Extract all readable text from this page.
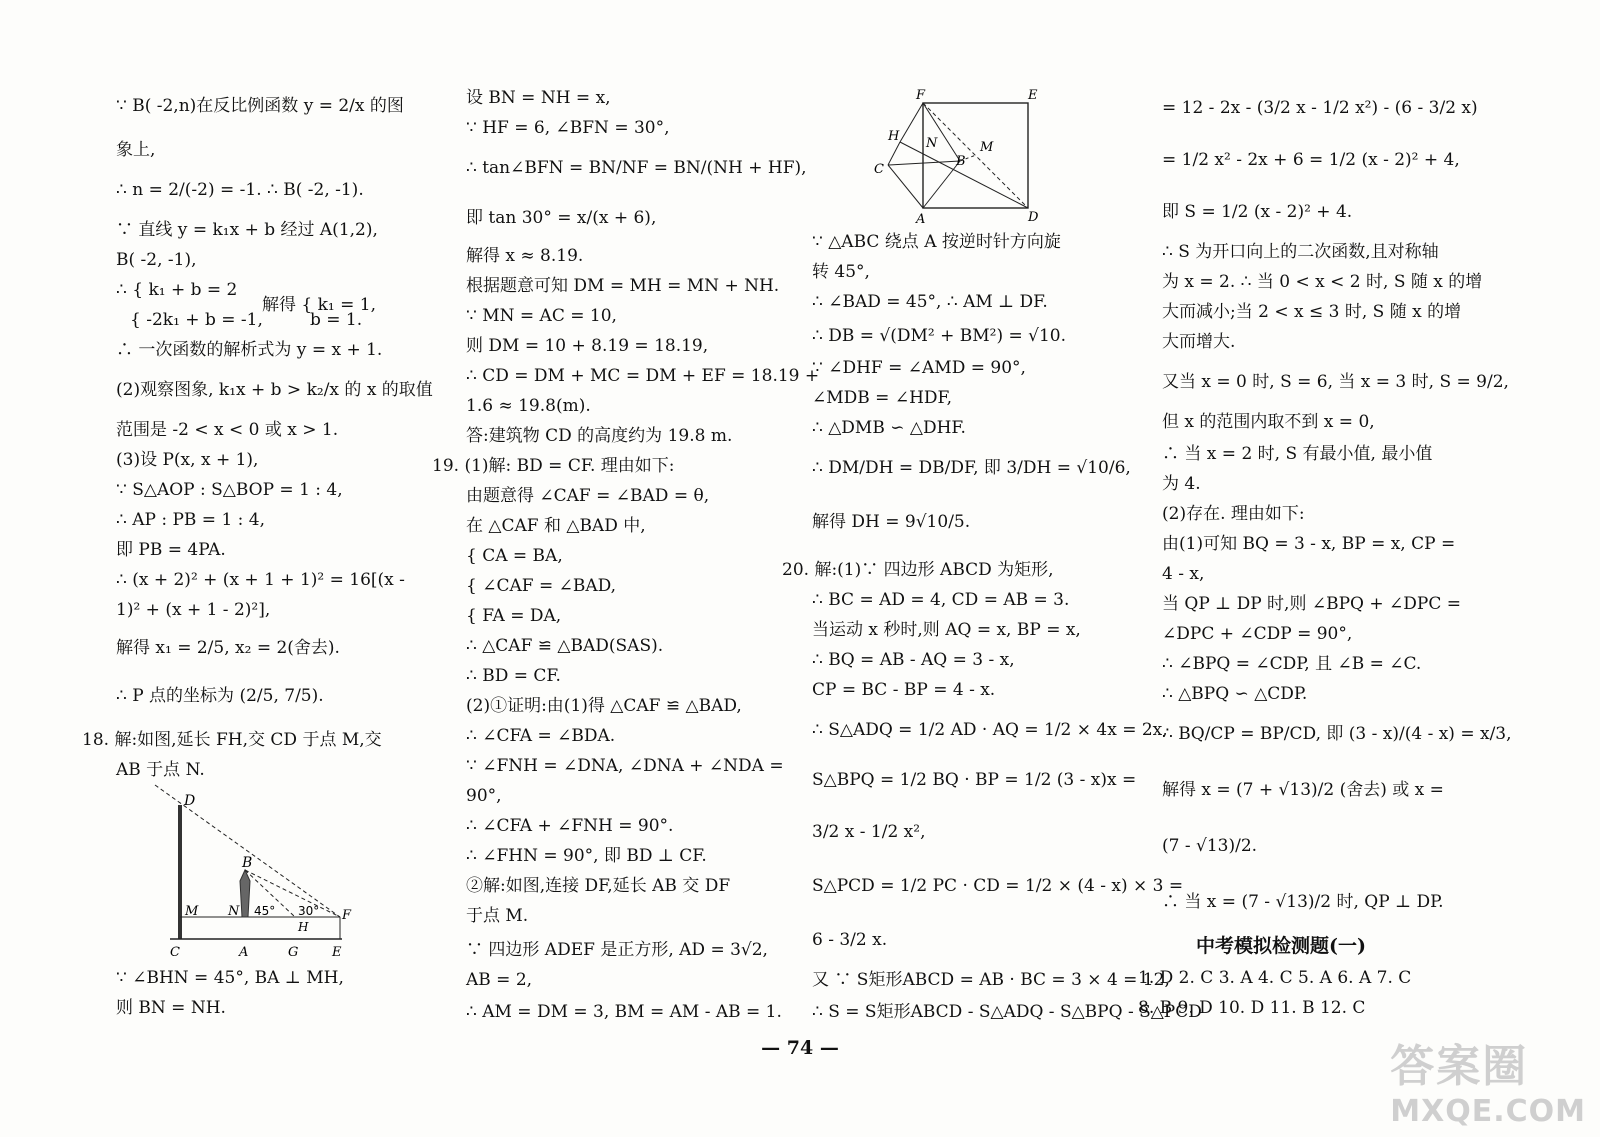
∵ B( -2,n)在反比例函数 y = 2/x 的图
象上,
∴ n = 2/(-2) = -1. ∴ B( -2, -1).
∵ 直线 y = k₁x + b 经过 A(1,2),
B( -2, -1),
∴ { k₁ + b = 2
解得 { k₁ = 1,
{ -2k₁ + b = -1,	b = 1.
∴ 一次函数的解析式为 y = x + 1.
(2)观察图象, k₁x + b > k₂/x 的 x 的取值
范围是 -2 < x < 0 或 x > 1.
(3)设 P(x, x + 1),
∵ S△AOP : S△BOP = 1 : 4,
∴ AP : PB = 1 : 4,
即 PB = 4PA.
∴ (x + 2)² + (x + 1 + 1)² = 16[(x -
1)² + (x + 1 - 2)²],
解得 x₁ = 2/5, x₂ = 2(舍去).
∴ P 点的坐标为 (2/5, 7/5).
18. 解:如图,延长 FH,交 CD 于点 M,交
AB 于点 N.
∵ ∠BHN = 45°, BA ⊥ MH,
则 BN = NH.
设 BN = NH = x,
∵ HF = 6, ∠BFN = 30°,
∴ tan∠BFN = BN/NF = BN/(NH + HF),
即 tan 30° = x/(x + 6),
解得 x ≈ 8.19.
根据题意可知 DM = MH = MN + NH.
∵ MN = AC = 10,
则 DM = 10 + 8.19 = 18.19,
∴ CD = DM + MC = DM + EF = 18.19 +
1.6 ≈ 19.8(m).
答:建筑物 CD 的高度约为 19.8 m.
19. (1)解: BD = CF. 理由如下:
由题意得 ∠CAF = ∠BAD = θ,
在 △CAF 和 △BAD 中,
{ CA = BA,
{ ∠CAF = ∠BAD,
{ FA = DA,
∴ △CAF ≌ △BAD(SAS).
∴ BD = CF.
(2)①证明:由(1)得 △CAF ≌ △BAD,
∴ ∠CFA = ∠BDA.
∵ ∠FNH = ∠DNA, ∠DNA + ∠NDA =
90°,
∴ ∠CFA + ∠FNH = 90°.
∴ ∠FHN = 90°, 即 BD ⊥ CF.
②解:如图,连接 DF,延长 AB 交 DF
于点 M.
∵ 四边形 ADEF 是正方形, AD = 3√2,
AB = 2,
∴ AM = DM = 3, BM = AM - AB = 1.
∵ △ABC 绕点 A 按逆时针方向旋
转 45°,
∴ ∠BAD = 45°, ∴ AM ⊥ DF.
∴ DB = √(DM² + BM²) = √10.
∵ ∠DHF = ∠AMD = 90°,
∠MDB = ∠HDF,
∴ △DMB ∽ △DHF.
∴ DM/DH = DB/DF, 即 3/DH = √10/6,
解得 DH = 9√10/5.
20. 解:(1)∵ 四边形 ABCD 为矩形,
∴ BC = AD = 4, CD = AB = 3.
当运动 x 秒时,则 AQ = x, BP = x,
∴ BQ = AB - AQ = 3 - x,
CP = BC - BP = 4 - x.
∴ S△ADQ = 1/2 AD · AQ = 1/2 × 4x = 2x,
S△BPQ = 1/2 BQ · BP = 1/2 (3 - x)x =
3/2 x - 1/2 x²,
S△PCD = 1/2 PC · CD = 1/2 × (4 - x) × 3 =
6 - 3/2 x.
又 ∵ S矩形ABCD = AB · BC = 3 × 4 = 12,
∴ S = S矩形ABCD - S△ADQ - S△BPQ - S△PCD
= 12 - 2x - (3/2 x - 1/2 x²) - (6 - 3/2 x)
= 1/2 x² - 2x + 6 = 1/2 (x - 2)² + 4,
即 S = 1/2 (x - 2)² + 4.
∴ S 为开口向上的二次函数,且对称轴
为 x = 2. ∴ 当 0 < x < 2 时, S 随 x 的增
大而减小;当 2 < x ≤ 3 时, S 随 x 的增
大而增大.
又当 x = 0 时, S = 6, 当 x = 3 时, S = 9/2,
但 x 的范围内取不到 x = 0,
∴ 当 x = 2 时, S 有最小值, 最小值
为 4.
(2)存在. 理由如下:
由(1)可知 BQ = 3 - x, BP = x, CP =
4 - x,
当 QP ⊥ DP 时,则 ∠BPQ + ∠DPC =
∠DPC + ∠CDP = 90°,
∴ ∠BPQ = ∠CDP, 且 ∠B = ∠C.
∴ △BPQ ∽ △CDP.
∴ BQ/CP = BP/CD, 即 (3 - x)/(4 - x) = x/3,
解得 x = (7 + √13)/2 (舍去) 或 x =
(7 - √13)/2.
∴ 当 x = (7 - √13)/2 时, QP ⊥ DP.
中考模拟检测题(一)
1. D 2. C 3. A 4. C 5. A 6. A 7. C
8. B 9. D 10. D 11. B 12. C
D
B
M N 45° 30°
H
F
C	A	G	E
F	E
H
M
N
B
C
A	D
— 74 —	答案圈
MXQE.COM
